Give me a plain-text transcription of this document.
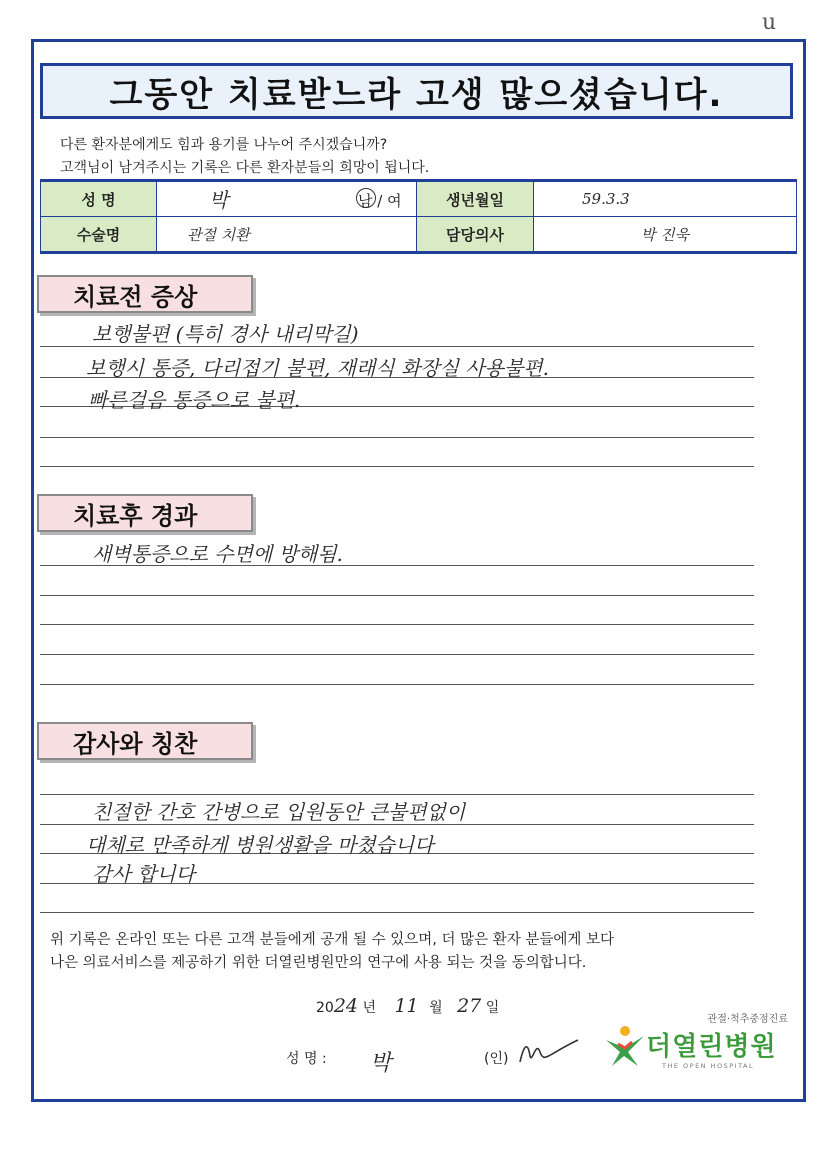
u
그동안 치료받느라 고생 많으셨습니다.
다른 환자분에게도 힘과 용기를 나누어 주시겠습니까?
고객님이 남겨주시는 기록은 다른 환자분들의 희망이 됩니다.
성 명	박 남 / 여	생년월일	59.3.3
수술명	관절 치환	담당의사	박 진욱
치료전 증상
보행불편 (특히 경사 내리막길)
보행시 통증, 다리접기 불편, 재래식 화장실 사용불편.
빠른걸음 통증으로 불편.
치료후 경과
새벽통증으로 수면에 방해됨.
감사와 칭찬
친절한 간호 간병으로 입원동안 큰불편없이
대체로 만족하게 병원생활을 마쳤습니다
감사 합니다
위 기록은 온라인 또는 다른 고객 분들에게 공개 될 수 있으며, 더 많은 환자 분들에게 보다
나은 의료서비스를 제공하기 위한 더열린병원만의 연구에 사용 되는 것을 동의합니다.
2024 년 11 월 27 일
성 명 : 박	(인)
관절·척추중점진료
더열린병원
THE OPEN HOSPITAL
